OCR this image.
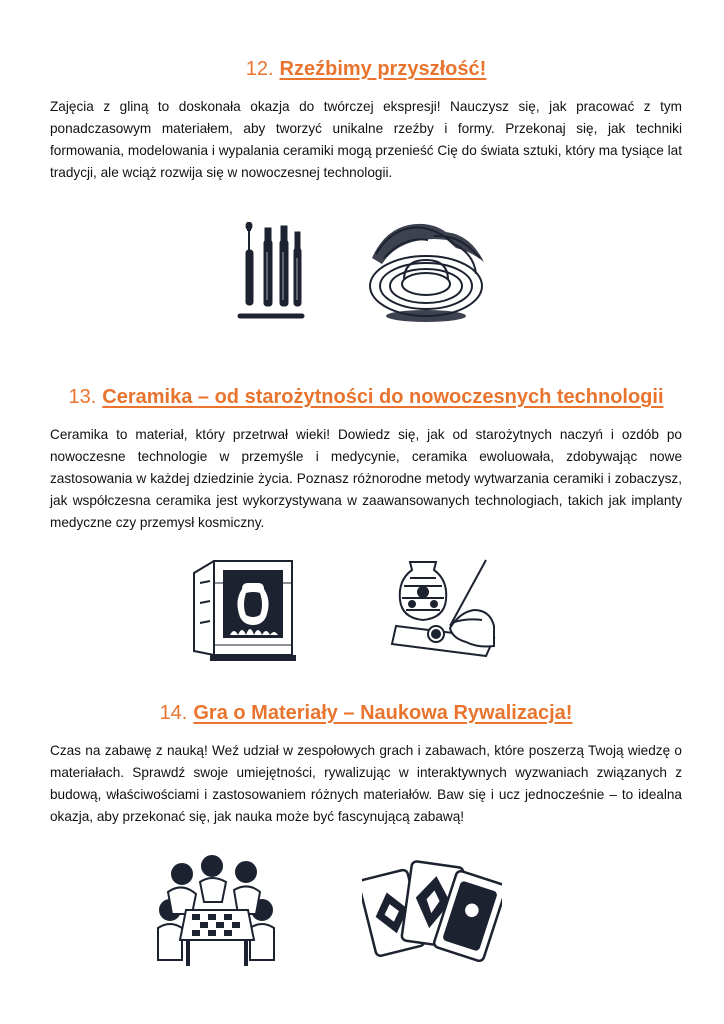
12. Rzeźbimy przyszłość!

Zajęcia z gliną to doskonała okazja do twórczej ekspresji! Nauczysz się, jak pracować z tym ponadczasowym materiałem, aby tworzyć unikalne rzeźby i formy. Przekonaj się, jak techniki formowania, modelowania i wypalania ceramiki mogą przenieść Cię do świata sztuki, który ma tysiące lat tradycji, ale wciąż rozwija się w nowoczesnej technologii.

13. Ceramika – od starożytności do nowoczesnych technologii

Ceramika to materiał, który przetrwał wieki! Dowiedz się, jak od starożytnych naczyń i ozdób po nowoczesne technologie w przemyśle i medycynie, ceramika ewoluowała, zdobywając nowe zastosowania w każdej dziedzinie życia. Poznasz różnorodne metody wytwarzania ceramiki i zobaczysz, jak współczesna ceramika jest wykorzystywana w zaawansowanych technologiach, takich jak implanty medyczne czy przemysł kosmiczny.

14. Gra o Materiały – Naukowa Rywalizacja!

Czas na zabawę z nauką! Weź udział w zespołowych grach i zabawach, które poszerzą Twoją wiedzę o materiałach. Sprawdź swoje umiejętności, rywalizując w interaktywnych wyzwaniach związanych z budową, właściwościami i zastosowaniem różnych materiałów. Baw się i ucz jednocześnie – to idealna okazja, aby przekonać się, jak nauka może być fascynującą zabawą!
